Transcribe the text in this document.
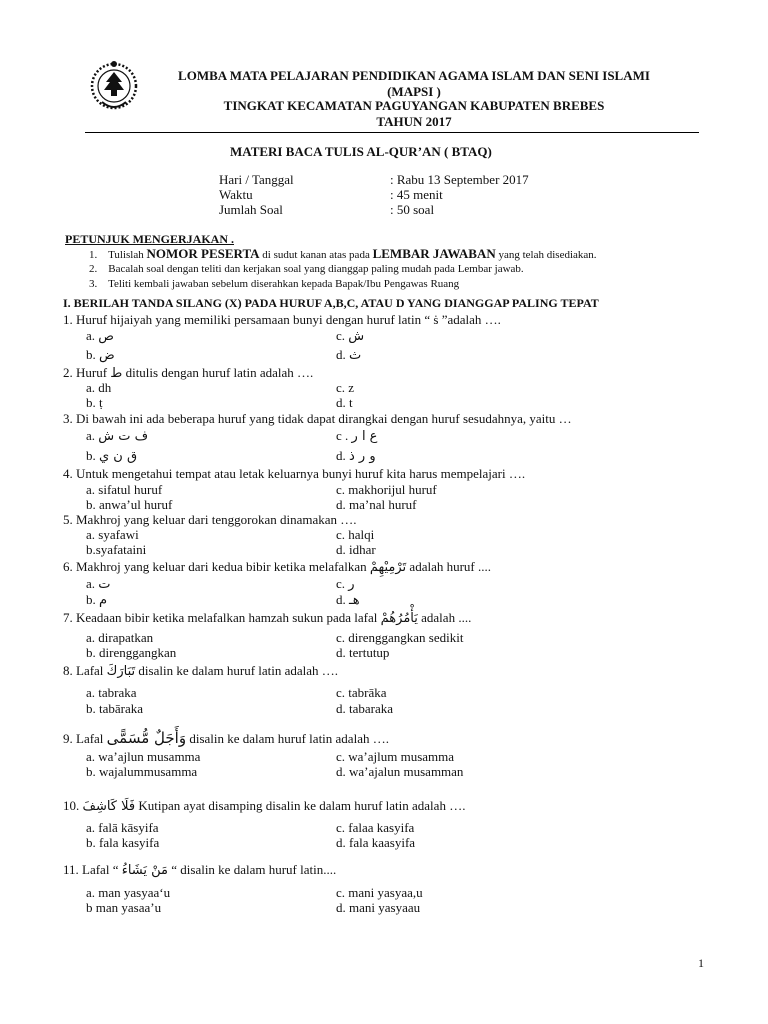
LOMBA MATA PELAJARAN PENDIDIKAN AGAMA ISLAM DAN SENI ISLAMI
(MAPSI )
TINGKAT KECAMATAN PAGUYANGAN KABUPATEN BREBES
TAHUN 2017
MATERI BACA TULIS AL-QUR’AN ( BTAQ)
Hari / Tanggal	: Rabu 13 September 2017
Waktu	: 45 menit
Jumlah Soal	: 50 soal
PETUNJUK MENGERJAKAN .
1. Tulislah NOMOR PESERTA di sudut kanan atas pada LEMBAR JAWABAN yang telah disediakan.
2. Bacalah soal dengan teliti dan kerjakan soal yang dianggap paling mudah pada Lembar jawab.
3. Teliti kembali jawaban sebelum diserahkan kepada Bapak/Ibu Pengawas Ruang
I. BERILAH TANDA SILANG (X) PADA HURUF A,B,C, ATAU D YANG DIANGGAP PALING TEPAT
1. Huruf hijaiyah yang memiliki persamaan bunyi dengan huruf latin “ ṡ ”adalah ….
a. ص	c. ش
b. ض	d. ث
2. Huruf ط ditulis dengan huruf latin adalah ….
a. dh	c. z
b. ṭ	d. t
3. Di bawah ini ada beberapa huruf yang tidak dapat dirangkai dengan huruf sesudahnya, yaitu …
a. ف ت ش	c . ع ا ر
b. ق ن ي	d. و ر ذ
4. Untuk mengetahui tempat atau letak keluarnya bunyi huruf kita harus mempelajari ….
a. sifatul huruf	c. makhorijul huruf
b. anwa’ul huruf	d. ma’nal huruf
5. Makhroj yang keluar dari tenggorokan dinamakan ….
a. syafawi	c. halqi
b.syafataini	d. idhar
6. Makhroj yang keluar dari kedua bibir ketika melafalkan تَرْمِيْهِمْ adalah huruf ....
a. ت	c. ر
b. م	d. هـ
7. Keadaan bibir ketika melafalkan hamzah sukun pada lafal يَأْمُرُهُمْ adalah ....
a. dirapatkan	c. direnggangkan sedikit
b. direnggangkan	d. tertutup
8. Lafal تَبَارَكَ disalin ke dalam huruf latin adalah ….
a. tabraka	c. tabrāka
b. tabāraka	d. tabaraka
9. Lafal وَأَجَلٌ مُّسَمًّى disalin ke dalam huruf latin adalah ….
a. wa’ajlun musamma	c. wa’ajlum musamma
b. wajalummusamma	d. wa’ajalun musamman
10. فَلَا كَاشِفَ Kutipan ayat disamping disalin ke dalam huruf latin adalah ….
a. falā kāsyifa	c. falaa kasyifa
b. fala kasyifa	d. fala kaasyifa
11. Lafal “ مَنْ يَشَاءُ “ disalin ke dalam huruf latin....
a. man yasyaa‘u	c. mani yasyaa,u
b man yasaa’u	d. mani yasyaau
1
